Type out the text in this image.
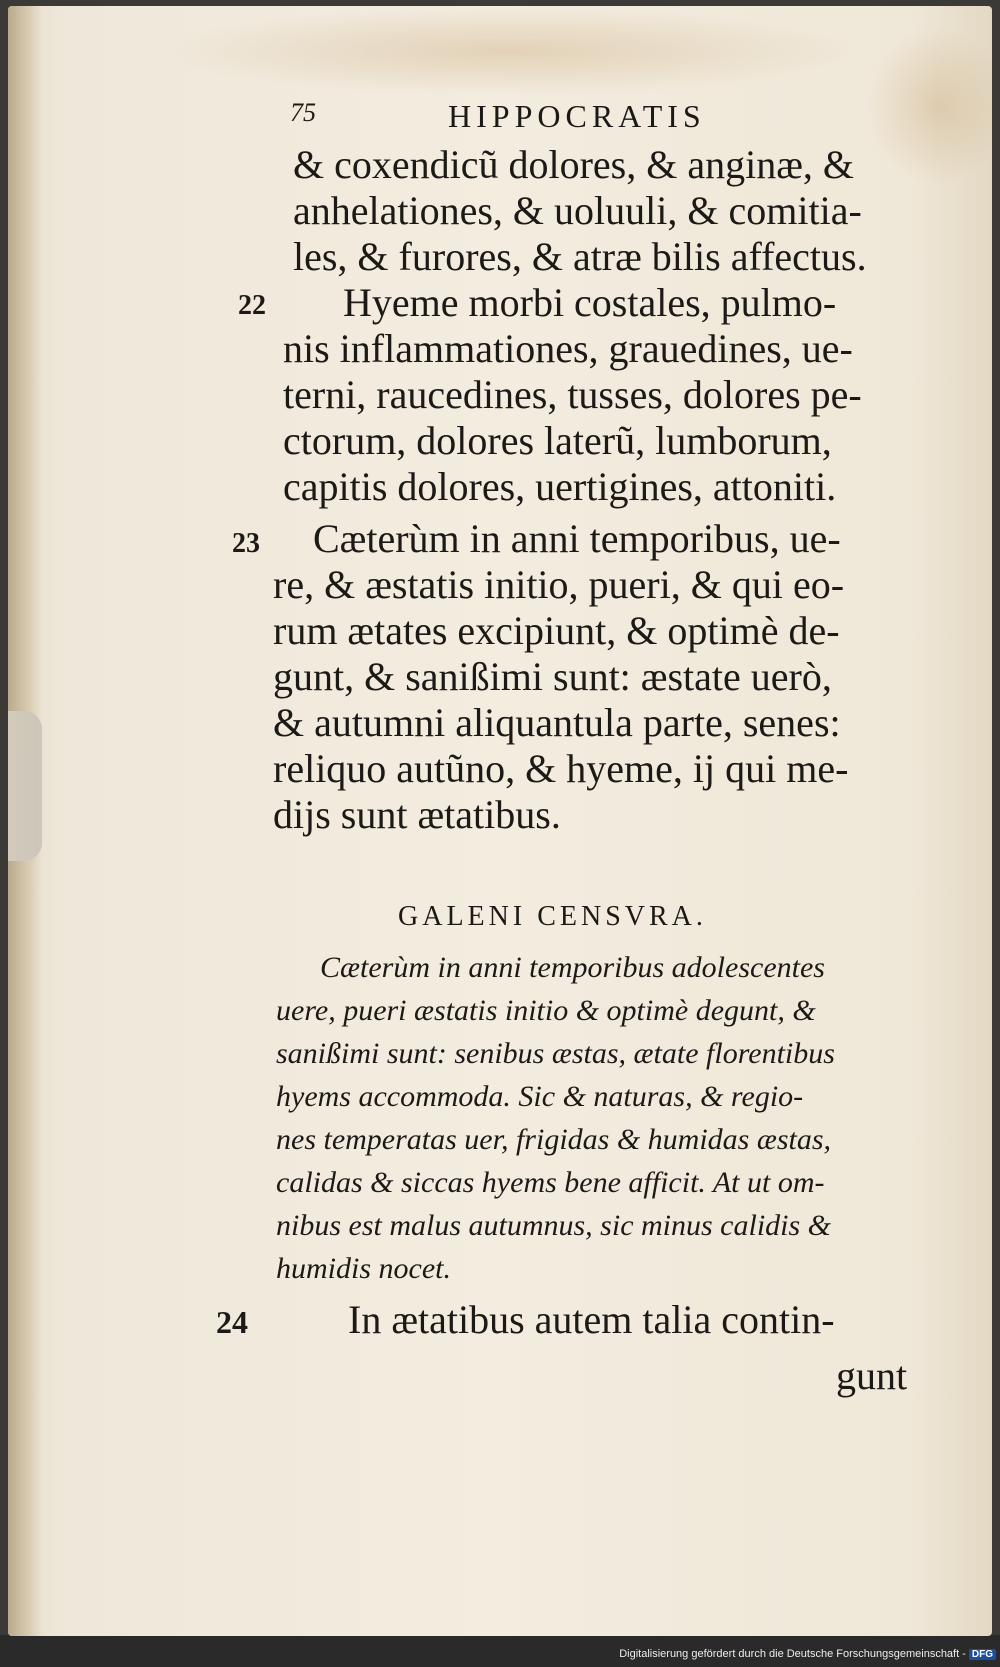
75	HIPPOCRATIS
& coxendicũ dolores, & anginæ, &
anhelationes, & uoluuli, & comitia-
les, & furores, & atræ bilis affectus.
22 Hyeme morbi costales, pulmo-
nis inflammationes, grauedines, ue-
terni, raucedines, tusses, dolores pe-
ctorum, dolores laterũ, lumborum,
capitis dolores, uertigines, attoniti.
23 Cæterùm in anni temporibus, ue-
re, & æstatis initio, pueri, & qui eo-
rum ætates excipiunt, & optimè de-
gunt, & sanißimi sunt: æstate uerò,
& autumni aliquantula parte, senes:
reliquo autũno, & hyeme, ij qui me-
dijs sunt ætatibus.
GALENI CENSVRA.
Cæterùm in anni temporibus adolescentes
uere, pueri æstatis initio & optimè degunt, &
sanißimi sunt: senibus æstas, ætate florentibus
hyems accommoda. Sic & naturas, & regio-
nes temperatas uer, frigidas & humidas æstas,
calidas & siccas hyems bene afficit. At ut om-
nibus est malus autumnus, sic minus calidis &
humidis nocet.
24	In ætatibus autem talia contin-
gunt
Digitalisierung gefördert durch die Deutsche Forschungsgemeinschaft - DFG
